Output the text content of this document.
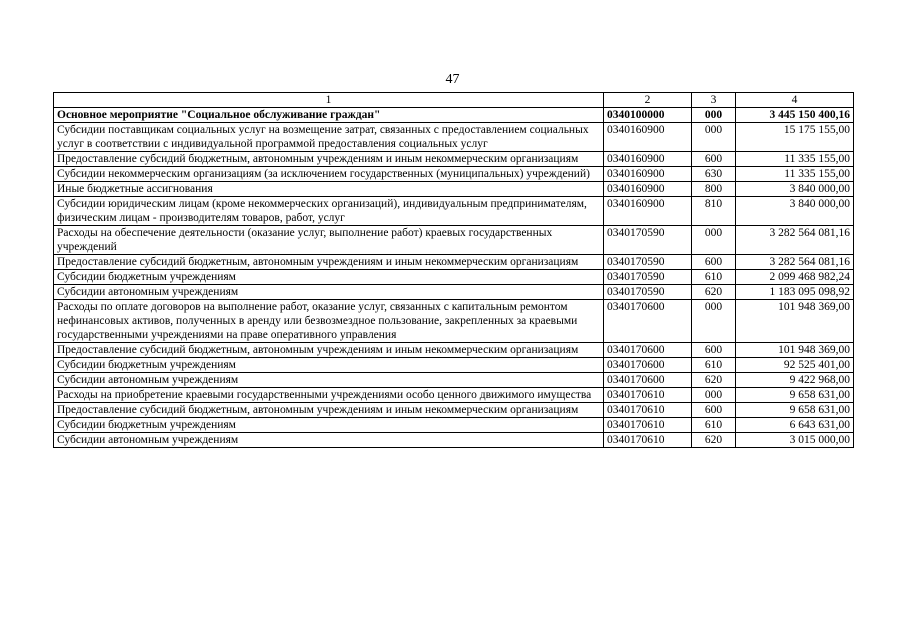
47
1	2	3	4
Основное мероприятие "Социальное обслуживание граждан"	0340100000	000	3 445 150 400,16
Субсидии поставщикам социальных услуг на возмещение затрат, связанных с предоставлением социальных услуг в соответствии с индивидуальной программой предоставления социальных услуг	0340160900	000	15 175 155,00
Предоставление субсидий бюджетным, автономным учреждениям и иным некоммерческим организациям	0340160900	600	11 335 155,00
Субсидии некоммерческим организациям (за исключением государственных (муниципальных) учреждений)	0340160900	630	11 335 155,00
Иные бюджетные ассигнования	0340160900	800	3 840 000,00
Субсидии юридическим лицам (кроме некоммерческих организаций), индивидуальным предпринимателям, физическим лицам - производителям товаров, работ, услуг	0340160900	810	3 840 000,00
Расходы на обеспечение деятельности (оказание услуг, выполнение работ) краевых государственных учреждений	0340170590	000	3 282 564 081,16
Предоставление субсидий бюджетным, автономным учреждениям и иным некоммерческим организациям	0340170590	600	3 282 564 081,16
Субсидии бюджетным учреждениям	0340170590	610	2 099 468 982,24
Субсидии автономным учреждениям	0340170590	620	1 183 095 098,92
Расходы по оплате договоров на выполнение работ, оказание услуг, связанных с капитальным ремонтом нефинансовых активов, полученных в аренду или безвозмездное пользование, закрепленных за краевыми государственными учреждениями на праве оперативного управления	0340170600	000	101 948 369,00
Предоставление субсидий бюджетным, автономным учреждениям и иным некоммерческим организациям	0340170600	600	101 948 369,00
Субсидии бюджетным учреждениям	0340170600	610	92 525 401,00
Субсидии автономным учреждениям	0340170600	620	9 422 968,00
Расходы на приобретение краевыми государственными учреждениями особо ценного движимого имущества	0340170610	000	9 658 631,00
Предоставление субсидий бюджетным, автономным учреждениям и иным некоммерческим организациям	0340170610	600	9 658 631,00
Субсидии бюджетным учреждениям	0340170610	610	6 643 631,00
Субсидии автономным учреждениям	0340170610	620	3 015 000,00
